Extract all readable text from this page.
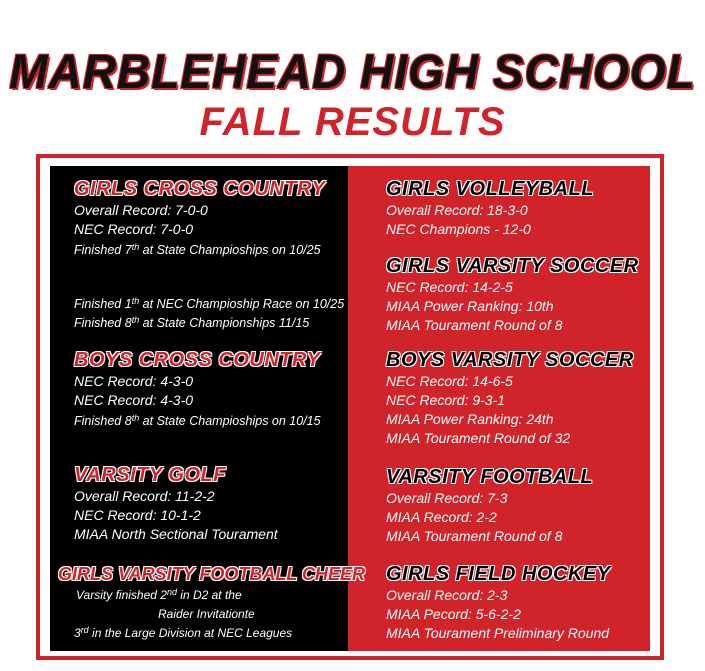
MARBLEHEAD HIGH SCHOOL
FALL RESULTS
GIRLS CROSS COUNTRY
Overall Record: 7-0-0
NEC Record: 7-0-0
Finished 7th at State Champioships on 10/25
Finished 1th at NEC Champioship Race on 10/25
Finished 8th at State Championships 11/15
BOYS CROSS COUNTRY
NEC Record: 4-3-0
NEC Record: 4-3-0
Finished 8th at State Champioships on 10/15
VARSITY GOLF
Overall Record: 11-2-2
NEC Record: 10-1-2
MIAA North Sectional Tourament
GIRLS VARSITY FOOTBALL CHEER
Varsity finished 2nd in D2 at the
Raider Invitationte
3rd in the Large Division at NEC Leagues
GIRLS VOLLEYBALL
Overall Record: 18-3-0
NEC Champions - 12-0
GIRLS VARSITY SOCCER
NEC Record: 14-2-5
MIAA Power Ranking: 10th
MIAA Tourament Round of 8
BOYS VARSITY SOCCER
NEC Record: 14-6-5
NEC Record: 9-3-1
MIAA Power Ranking: 24th
MIAA Tourament Round of 32
VARSITY FOOTBALL
Overall Record: 7-3
MIAA Record: 2-2
MIAA Tourament Round of 8
GIRLS FIELD HOCKEY
Overall Record: 2-3
MIAA Pecord: 5-6-2-2
MIAA Tourament Preliminary Round
